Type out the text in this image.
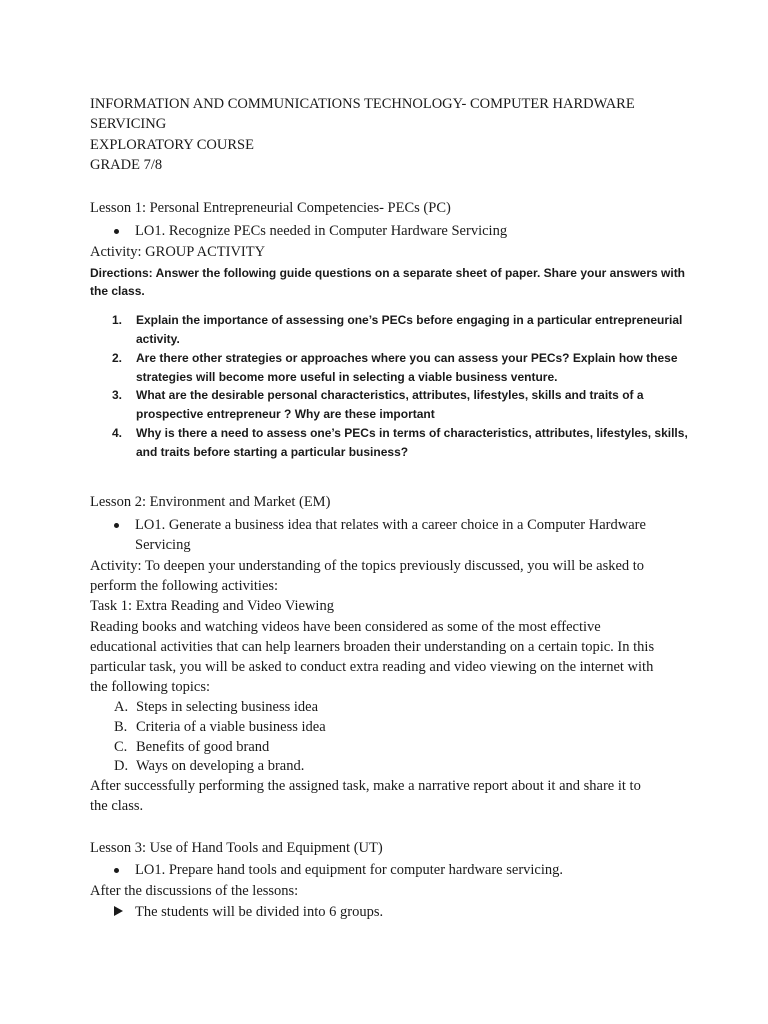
INFORMATION AND COMMUNICATIONS TECHNOLOGY- COMPUTER HARDWARE
SERVICING
EXPLORATORY COURSE
GRADE 7/8
Lesson 1: Personal Entrepreneurial Competencies- PECs (PC)
LO1. Recognize PECs needed in Computer Hardware Servicing
Activity: GROUP ACTIVITY
Directions: Answer the following guide questions on a separate sheet of paper. Share your answers with
the class.
1. Explain the importance of assessing one’s PECs before engaging in a particular entrepreneurial
activity.
2. Are there other strategies or approaches where you can assess your PECs? Explain how these
strategies will become more useful in selecting a viable business venture.
3. What are the desirable personal characteristics, attributes, lifestyles, skills and traits of a
prospective entrepreneur ? Why are these important
4. Why is there a need to assess one’s PECs in terms of characteristics, attributes, lifestyles, skills,
and traits before starting a particular business?
Lesson 2: Environment and Market (EM)
LO1. Generate a business idea that relates with a career choice in a Computer Hardware
Servicing
Activity: To deepen your understanding of the topics previously discussed, you will be asked to
perform the following activities:
Task 1: Extra Reading and Video Viewing
Reading books and watching videos have been considered as some of the most effective
educational activities that can help learners broaden their understanding on a certain topic. In this
particular task, you will be asked to conduct extra reading and video viewing on the internet with
the following topics:
A. Steps in selecting business idea
B. Criteria of a viable business idea
C. Benefits of good brand
D. Ways on developing a brand.
After successfully performing the assigned task, make a narrative report about it and share it to
the class.
Lesson 3: Use of Hand Tools and Equipment (UT)
LO1. Prepare hand tools and equipment for computer hardware servicing.
After the discussions of the lessons:
The students will be divided into 6 groups.
